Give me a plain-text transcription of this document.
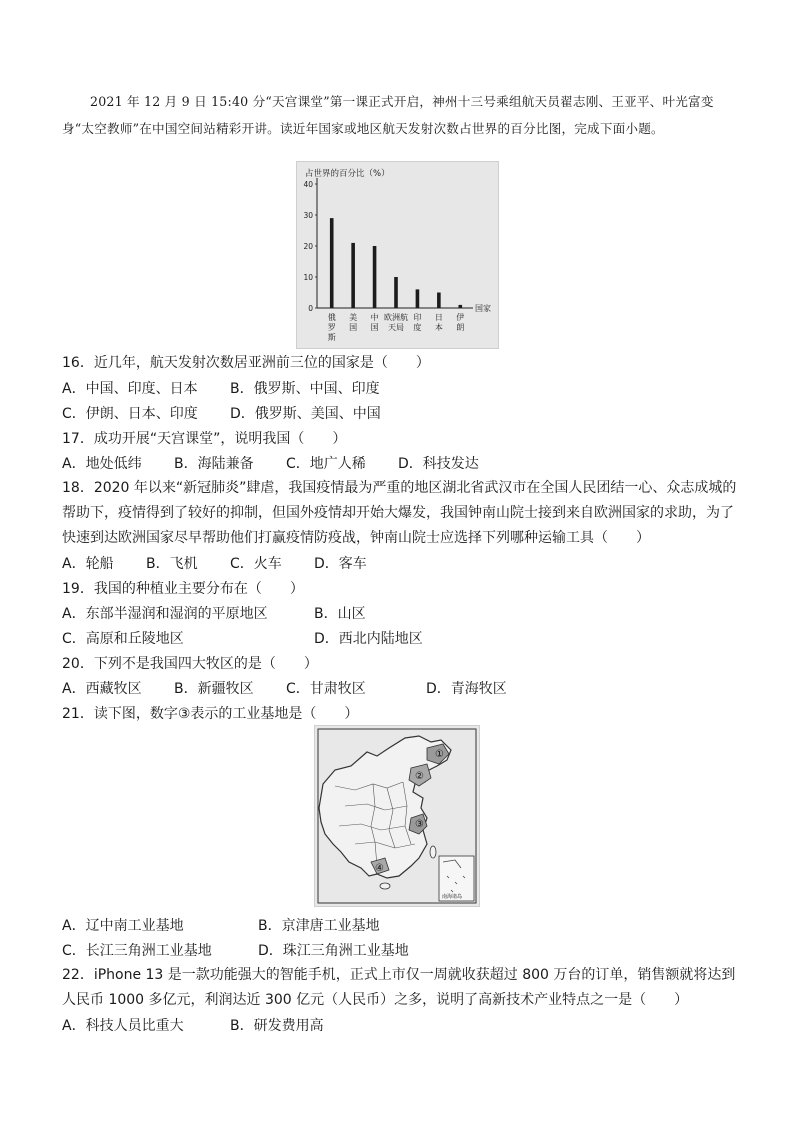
2021 年 12 月 9 日 15:40 分“天宫课堂”第一课正式开启，神州十三号乘组航天员翟志刚、王亚平、叶光富变身“太空教师”在中国空间站精彩开讲。读近年国家或地区航天发射次数占世界的百分比图，完成下面小题。

占世界的百分比（%）
0
10
20
30
40
俄
罗
斯
美
国
中
国
欧洲航
天局
印
度
日
本
伊
朗
国家
16．近几年，航天发射次数居亚洲前三位的国家是（　　）
A．中国、印度、日本 B．俄罗斯、中国、印度
C．伊朗、日本、印度 D．俄罗斯、美国、中国
17．成功开展“天宫课堂”，说明我国（　　）
A．地处低纬 B．海陆兼备 C．地广人稀 D．科技发达

18．2020 年以来“新冠肺炎”肆虐，我国疫情最为严重的地区湖北省武汉市在全国人民团结一心、众志成城的帮助下，疫情得到了较好的抑制，但国外疫情却开始大爆发，我国钟南山院士接到来自欧洲国家的求助，为了快速到达欧洲国家尽早帮助他们打赢疫情防疫战，钟南山院士应选择下列哪种运输工具（　　）

A．轮船 B．飞机 C．火车 D．客车
19．我国的种植业主要分布在（　　）
A．东部半湿润和湿润的平原地区	B．山区
C．高原和丘陵地区	D．西北内陆地区
20．下列不是我国四大牧区的是（　　）
A．西藏牧区 B．新疆牧区 C．甘肃牧区	D．青海牧区
21．读下图，数字③表示的工业基地是（　　）
①
②
③
④
南海诸岛
A．辽中南工业基地	B．京津唐工业基地
C．长江三角洲工业基地	D．珠江三角洲工业基地

22．iPhone 13 是一款功能强大的智能手机，正式上市仅一周就收获超过 800 万台的订单，销售额就将达到人民币 1000 多亿元，利润达近 300 亿元（人民币）之多，说明了高新技术产业特点之一是（　　）

A．科技人员比重大	B．研发费用高
